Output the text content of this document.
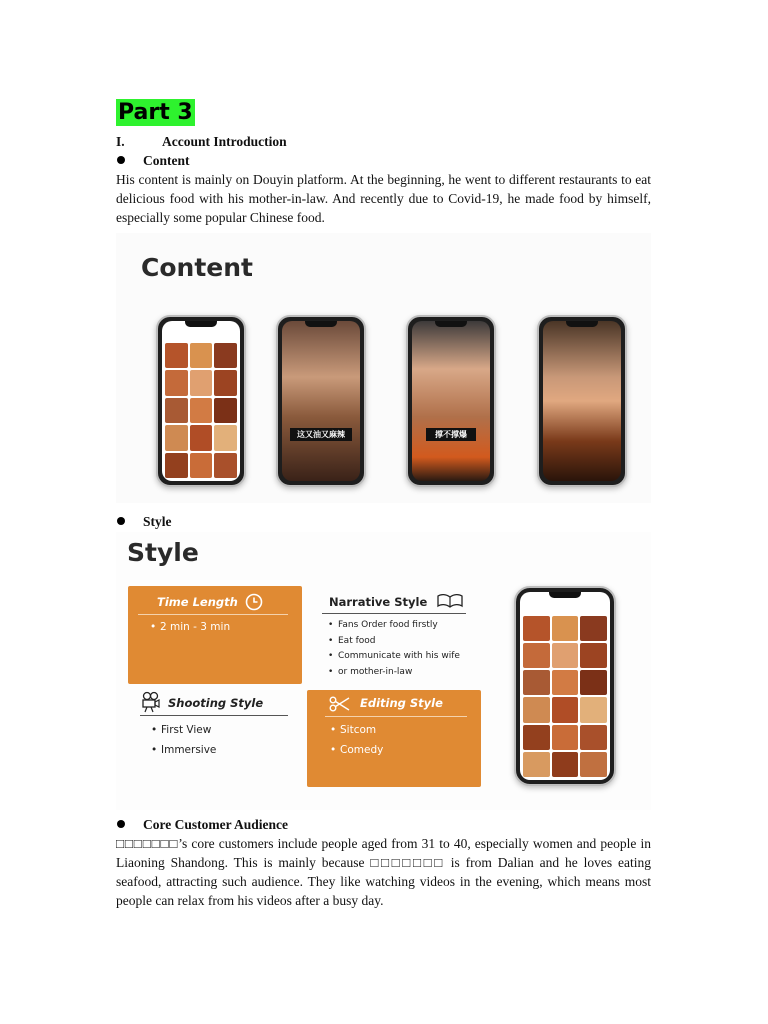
Part 3
I.	Account Introduction
Content
His content is mainly on Douyin platform. At the beginning, he went to different restaurants to eat
delicious food with his mother-in-law. And recently due to Covid-19, he made food by himself,
especially some popular Chinese food.
Content
这又油又麻辣	撑不撑爆
Style
Style
Time Length
• 2 min - 3 min
Narrative Style
• Fans Order food firstly
• Eat food
• Communicate with his wife
or mother-in-law
Shooting Style
• First View
• Immersive
Editing Style
• Sitcom
• Comedy
Core Customer Audience
□□□□□□□’s core customers include people aged from 31 to 40, especially women and people in
Liaoning Shandong. This is mainly because □□□□□□□ is from Dalian and he loves eating
seafood, attracting such audience. They like watching videos in the evening, which means most
people can relax from his videos after a busy day.
